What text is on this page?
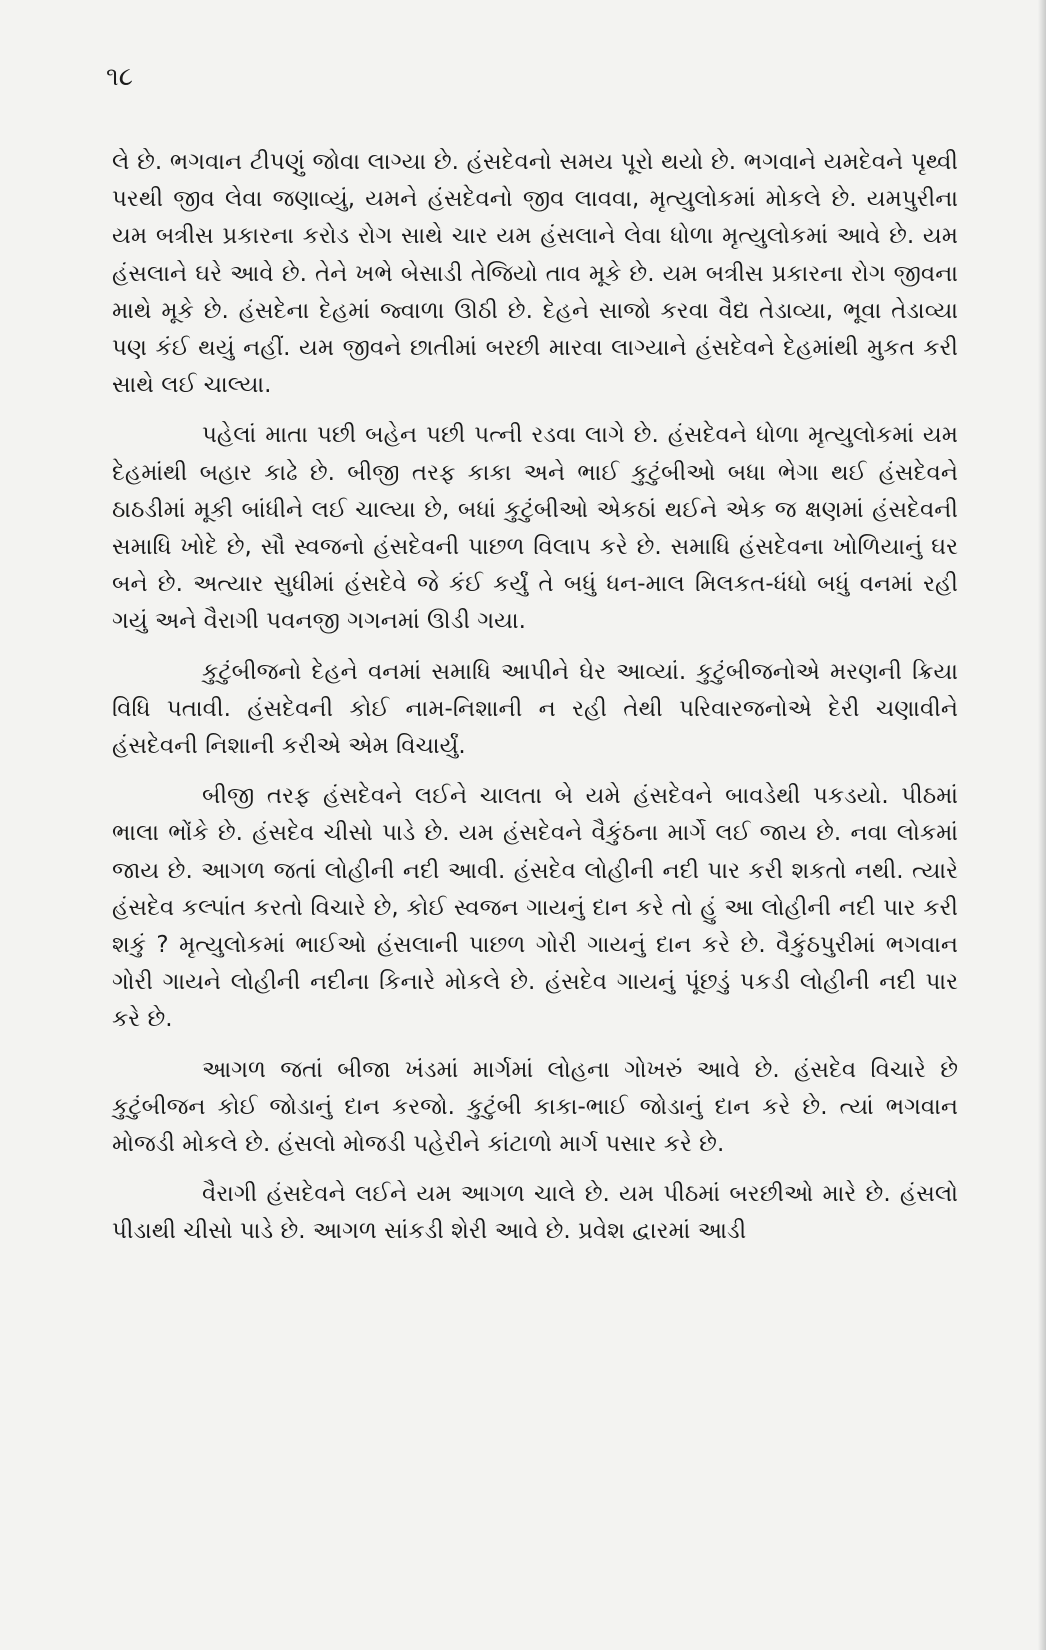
૧૮

લે છે. ભગવાન ટીપણું જોવા લાગ્યા છે. હંસદેવનો સમય પૂરો થયો છે. ભગવાને યમદેવને પૃથ્વી પરથી જીવ લેવા જણાવ્યું, યમને હંસદેવનો જીવ લાવવા, મૃત્યુલોકમાં મોકલે છે. યમપુરીના યમ બત્રીસ પ્રકારના કરોડ રોગ સાથે ચાર યમ હંસલાને લેવા ધોળા મૃત્યુલોકમાં આવે છે. યમ હંસલાને ઘરે આવે છે. તેને ખભે બેસાડી તેજિયો તાવ મૂકે છે. યમ બત્રીસ પ્રકારના રોગ જીવના માથે મૂકે છે. હંસદેના દેહમાં જ્વાળા ઊઠી છે. દેહને સાજો કરવા વૈદ્ય તેડાવ્યા, ભૂવા તેડાવ્યા પણ કંઈ થયું નહીં. યમ જીવને છાતીમાં બરછી મારવા લાગ્યાને હંસદેવને દેહમાંથી મુકત કરી સાથે લઈ ચાલ્યા.

પહેલાં માતા પછી બહેન પછી પત્ની રડવા લાગે છે. હંસદેવને ધોળા મૃત્યુલોકમાં યમ દેહમાંથી બહાર કાઢે છે. બીજી તરફ કાકા અને ભાઈ કુટુંબીઓ બધા ભેગા થઈ હંસદેવને ઠાઠડીમાં મૂકી બાંધીને લઈ ચાલ્યા છે, બધાં કુટુંબીઓ એકઠાં થઈને એક જ ક્ષણમાં હંસદેવની સમાધિ ખોદે છે, સૌ સ્વજનો હંસદેવની પાછળ વિલાપ કરે છે. સમાધિ હંસદેવના ખોળિયાનું ઘર બને છે. અત્યાર સુધીમાં હંસદેવે જે કંઈ કર્યું તે બધું ધન-માલ મિલકત-ધંધો બધું વનમાં રહી ગયું અને વૈરાગી પવનજી ગગનમાં ઊડી ગયા.

કુટુંબીજનો દેહને વનમાં સમાધિ આપીને ઘેર આવ્યાં. કુટુંબીજનોએ મરણની ક્રિયા વિધિ પતાવી. હંસદેવની કોઈ નામ-નિશાની ન રહી તેથી પરિવારજનોએ દેરી ચણાવીને હંસદેવની નિશાની કરીએ એમ વિચાર્યું.

બીજી તરફ હંસદેવને લઈને ચાલતા બે યમે હંસદેવને બાવડેથી પકડયો. પીઠમાં ભાલા ભોંકે છે. હંસદેવ ચીસો પાડે છે. યમ હંસદેવને વૈકુંઠના માર્ગે લઈ જાય છે. નવા લોકમાં જાય છે. આગળ જતાં લોહીની નદી આવી. હંસદેવ લોહીની નદી પાર કરી શકતો નથી. ત્યારે હંસદેવ કલ્પાંત કરતો વિચારે છે, કોઈ સ્વજન ગાયનું દાન કરે તો હું આ લોહીની નદી પાર કરી શકું ? મૃત્યુલોકમાં ભાઈઓ હંસલાની પાછળ ગોરી ગાયનું દાન કરે છે. વૈકુંઠપુરીમાં ભગવાન ગોરી ગાયને લોહીની નદીના કિનારે મોકલે છે. હંસદેવ ગાયનું પૂંછડું પકડી લોહીની નદી પાર કરે છે.

આગળ જતાં બીજા ખંડમાં માર્ગમાં લોહના ગોખરું આવે છે. હંસદેવ વિચારે છે કુટુંબીજન કોઈ જોડાનું દાન કરજો. કુટુંબી કાકા-ભાઈ જોડાનું દાન કરે છે. ત્યાં ભગવાન મોજડી મોકલે છે. હંસલો મોજડી પહેરીને કાંટાળો માર્ગ પસાર કરે છે.

વૈરાગી હંસદેવને લઈને યમ આગળ ચાલે છે. યમ પીઠમાં બરછીઓ મારે છે. હંસલો પીડાથી ચીસો પાડે છે. આગળ સાંકડી શેરી આવે છે. પ્રવેશ દ્વારમાં આડી
